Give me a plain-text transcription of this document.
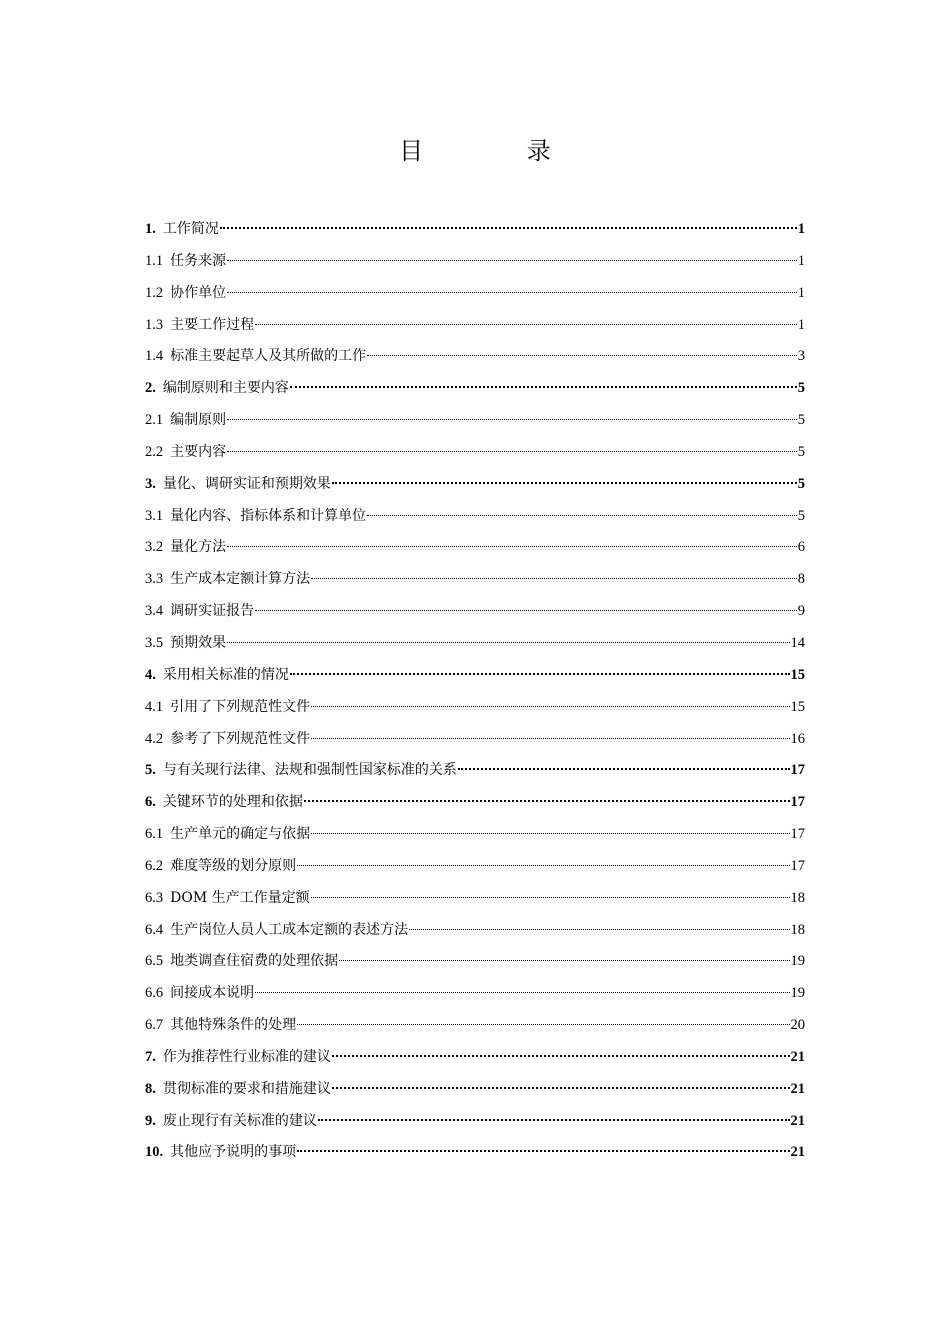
目 录
1. 工作简况	1
1.1 任务来源	1
1.2 协作单位	1
1.3 主要工作过程	1
1.4 标准主要起草人及其所做的工作	3
2. 编制原则和主要内容	5
2.1 编制原则	5
2.2 主要内容	5
3. 量化、调研实证和预期效果	5
3.1 量化内容、指标体系和计算单位	5
3.2 量化方法	6
3.3 生产成本定额计算方法	8
3.4 调研实证报告	9
3.5 预期效果	14
4. 采用相关标准的情况	15
4.1 引用了下列规范性文件	15
4.2 参考了下列规范性文件	16
5. 与有关现行法律、法规和强制性国家标准的关系	17
6. 关键环节的处理和依据	17
6.1 生产单元的确定与依据	17
6.2 难度等级的划分原则	17
6.3 DOM 生产工作量定额	18
6.4 生产岗位人员人工成本定额的表述方法	18
6.5 地类调查住宿费的处理依据	19
6.6 间接成本说明	19
6.7 其他特殊条件的处理	20
7. 作为推荐性行业标准的建议	21
8. 贯彻标准的要求和措施建议	21
9. 废止现行有关标准的建议	21
10. 其他应予说明的事项	21
